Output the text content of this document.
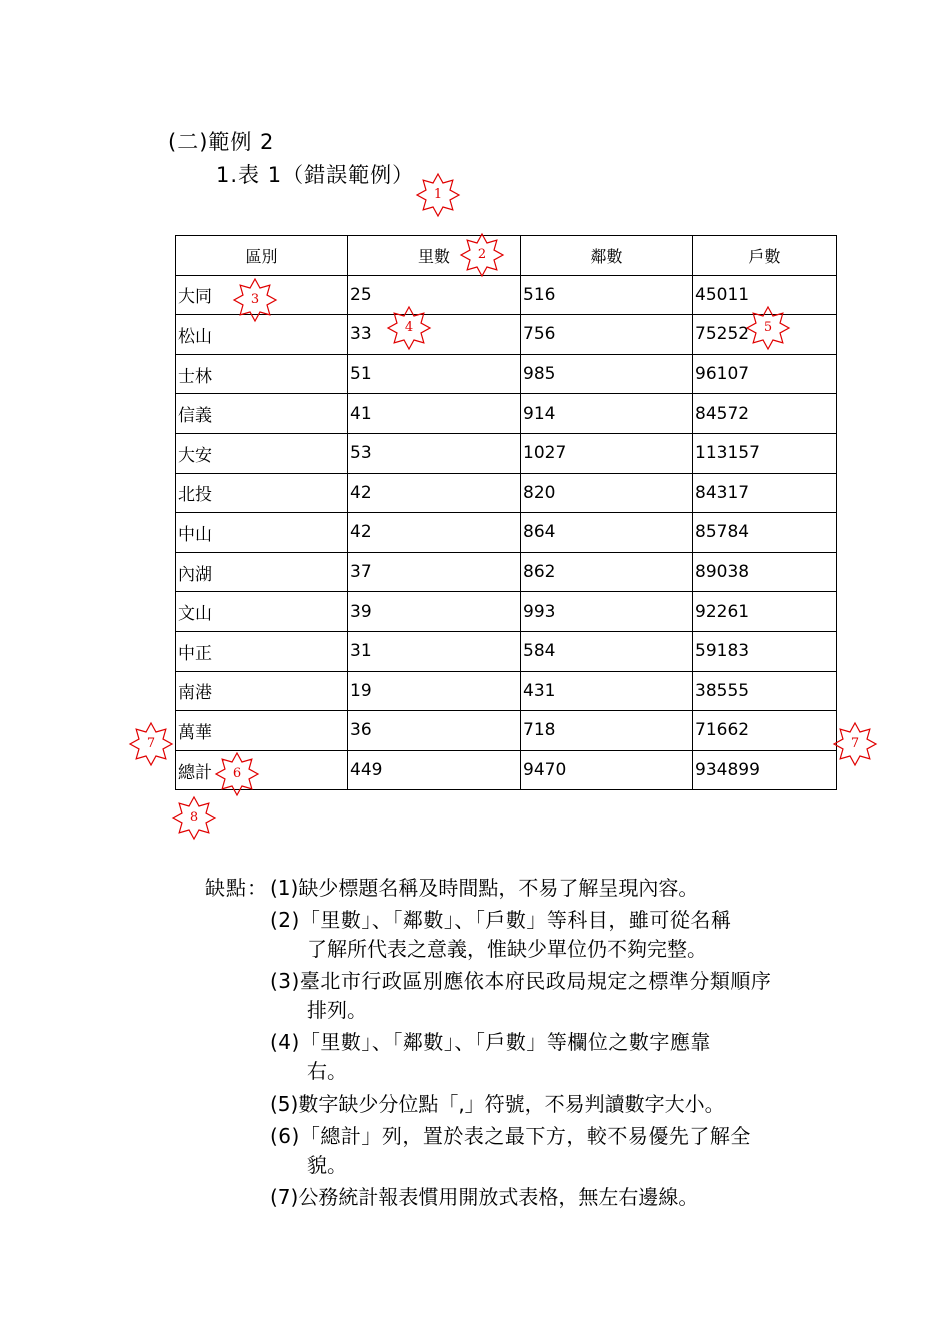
(二)範例 2
1.表 1（錯誤範例）
區別	里數	鄰數	戶數
大同	25	516	45011
松山	33	756	75252
士林	51	985	96107
信義	41	914	84572
大安	53	1027	113157
北投	42	820	84317
中山	42	864	85784
內湖	37	862	89038
文山	39	993	92261
中正	31	584	59183
南港	19	431	38555
萬華	36	718	71662
總計	449	9470	934899
1
2
3
4	5
6
7	7
8
缺點： (1)缺少標題名稱及時間點，不易了解呈現內容。
(2)「里數」、「鄰數」、「戶數」等科目，雖可從名稱
了解所代表之意義，惟缺少單位仍不夠完整。
(3)臺北市行政區別應依本府民政局規定之標準分類順序
排列。
(4)「里數」、「鄰數」、「戶數」等欄位之數字應靠
右。
(5)數字缺少分位點「,」符號，不易判讀數字大小。
(6)「總計」列，置於表之最下方，較不易優先了解全
貌。
(7)公務統計報表慣用開放式表格，無左右邊線。
